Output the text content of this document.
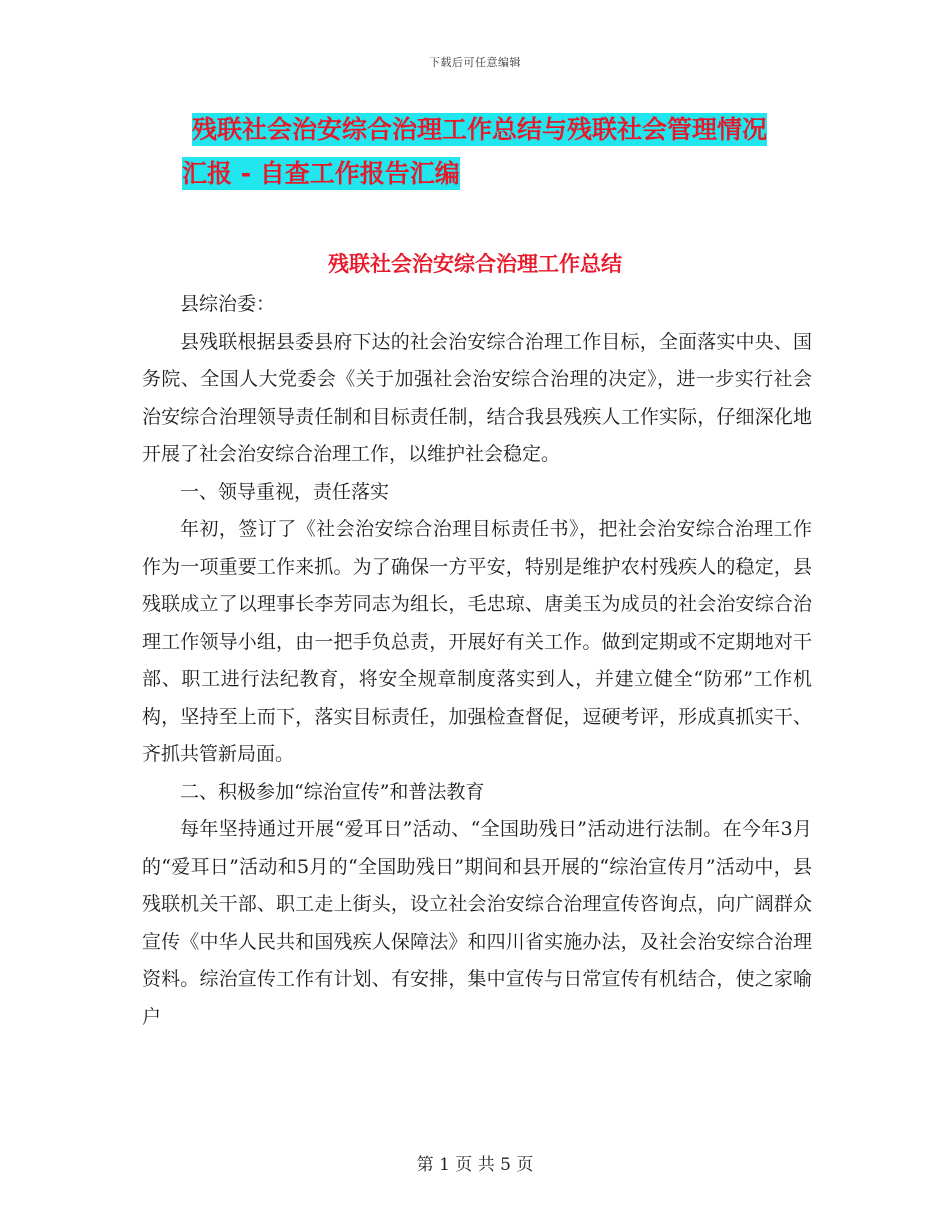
下载后可任意编辑
残联社会治安综合治理工作总结与残联社会管理情况
汇报 - 自查工作报告汇编
残联社会治安综合治理工作总结

县综治委：

县残联根据县委县府下达的社会治安综合治理工作目标，全面落实中央、国务院、全国人大党委会《关于加强社会治安综合治理的决定》，进一步实行社会治安综合治理领导责任制和目标责任制，结合我县残疾人工作实际，仔细深化地开展了社会治安综合治理工作，以维护社会稳定。

一、领导重视，责任落实

年初，签订了《社会治安综合治理目标责任书》，把社会治安综合治理工作作为一项重要工作来抓。为了确保一方平安，特别是维护农村残疾人的稳定，县残联成立了以理事长李芳同志为组长，毛忠琼、唐美玉为成员的社会治安综合治理工作领导小组，由一把手负总责，开展好有关工作。做到定期或不定期地对干部、职工进行法纪教育，将安全规章制度落实到人，并建立健全“防邪”工作机构，坚持至上而下，落实目标责任，加强检查督促，逗硬考评，形成真抓实干、齐抓共管新局面。

二、积极参加“综治宣传”和普法教育

每年坚持通过开展“爱耳日”活动、“全国助残日”活动进行法制。在今年3月的“爱耳日”活动和5月的“全国助残日”期间和县开展的“综治宣传月”活动中，县残联机关干部、职工走上街头，设立社会治安综合治理宣传咨询点，向广阔群众宣传《中华人民共和国残疾人保障法》和四川省实施办法，及社会治安综合治理资料。综治宣传工作有计划、有安排，集中宣传与日常宣传有机结合，使之家喻户

第 1 页 共 5 页
